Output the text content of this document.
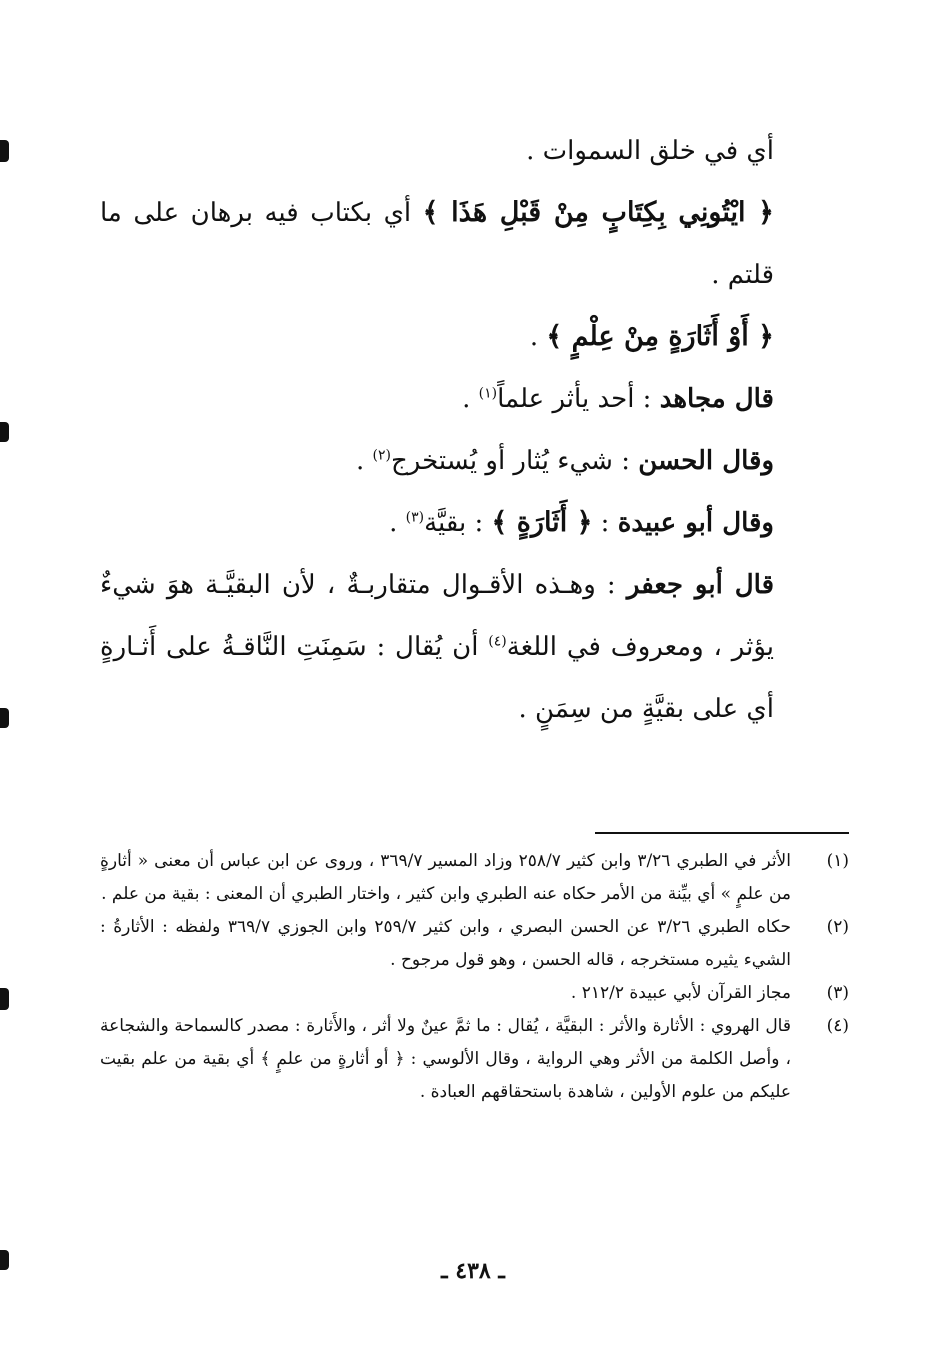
أي في خلق السموات .

﴿ ايْتُونِي بِكِتَابٍ مِنْ قَبْلِ هَذَا ﴾ أي بكتاب فيه برهان على ما قلتم .

﴿ أَوْ أَثَارَةٍ مِنْ عِلْمٍ ﴾ .

قال مجاهد : أحد يأثر علماً$^{(١)}$ .

وقال الحسن : شيء يُثار أو يُستخرج$^{(٢)}$ .

وقال أبو عبيدة : ﴿ أَثَارَةٍ ﴾ : بقيَّة$^{(٣)}$ .

قال أبو جعفر : وهـذه الأقـوال متقاربـةٌ ، لأن البقيَّـة هوَ شيءٌ يؤثر ، ومعروف في اللغة$^{(٤)}$ أن يُقال : سَمِنَتِ النَّاقـةُ على أَثـارةٍ أي على بقيَّةٍ من سِمَنٍ .

(١)
الأثر في الطبري ٣/٢٦ وابن كثير ٢٥٨/٧ وزاد المسير ٣٦٩/٧ ، وروى عن ابن عباس أن معنى « أثارةٍ من علمٍ » أي بيِّنة من الأمر حكاه عنه الطبري وابن كثير ، واختار الطبري أن المعنى : بقية من علم .
(٢)
حكاه الطبري ٣/٢٦ عن الحسن البصري ، وابن كثير ٢٥٩/٧ وابن الجوزي ٣٦٩/٧ ولفظه : الأثارةُ : الشيء يثيره مستخرجه ، قاله الحسن ، وهو قول مرجوح .
(٣)
مجاز القرآن لأبي عبيدة ٢١٢/٢ .
(٤)
قال الهروي : الأثارة والأثر : البقيَّة ، يُقال : ما ثمَّ عينٌ ولا أثر ، والأَثارة : مصدر كالسماحة والشجاعة ، وأصل الكلمة من الأثر وهي الرواية ، وقال الألوسي : ﴿ أو أثارةٍ من علمٍ ﴾ أي بقية من علم بقيت عليكم من علوم الأولين ، شاهدة باستحقاقهم العبادة .
ـ ٤٣٨ ـ
